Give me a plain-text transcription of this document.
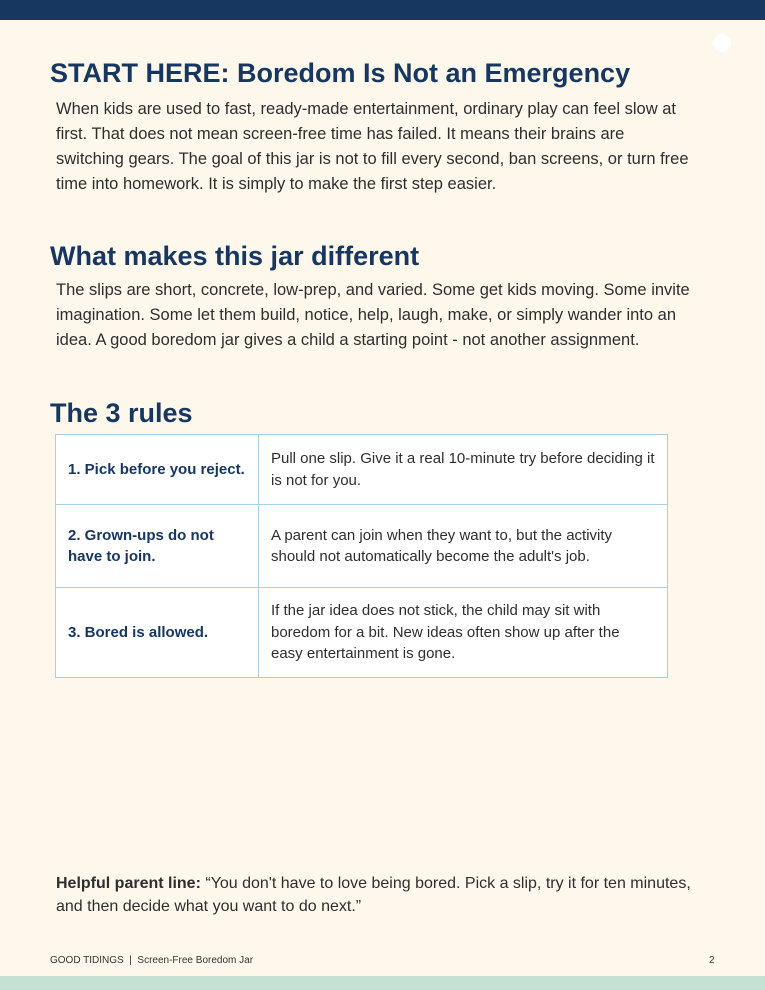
START HERE: Boredom Is Not an Emergency

When kids are used to fast, ready-made entertainment, ordinary play can feel slow at first. That does not mean screen-free time has failed. It means their brains are switching gears. The goal of this jar is not to fill every second, ban screens, or turn free time into homework. It is simply to make the first step easier.

What makes this jar different

The slips are short, concrete, low-prep, and varied. Some get kids moving. Some invite imagination. Some let them build, notice, help, laugh, make, or simply wander into an idea. A good boredom jar gives a child a starting point - not another assignment.

The 3 rules
1. Pick before you reject.	Pull one slip. Give it a real 10-minute try before deciding it is not for you.
2. Grown-ups do not have to join.	A parent can join when they want to, but the activity should not automatically become the adult's job.
3. Bored is allowed.	If the jar idea does not stick, the child may sit with boredom for a bit. New ideas often show up after the easy entertainment is gone.

Helpful parent line: “You don't have to love being bored. Pick a slip, try it for ten minutes, and then decide what you want to do next.”

GOOD TIDINGS  |  Screen-Free Boredom Jar	2
